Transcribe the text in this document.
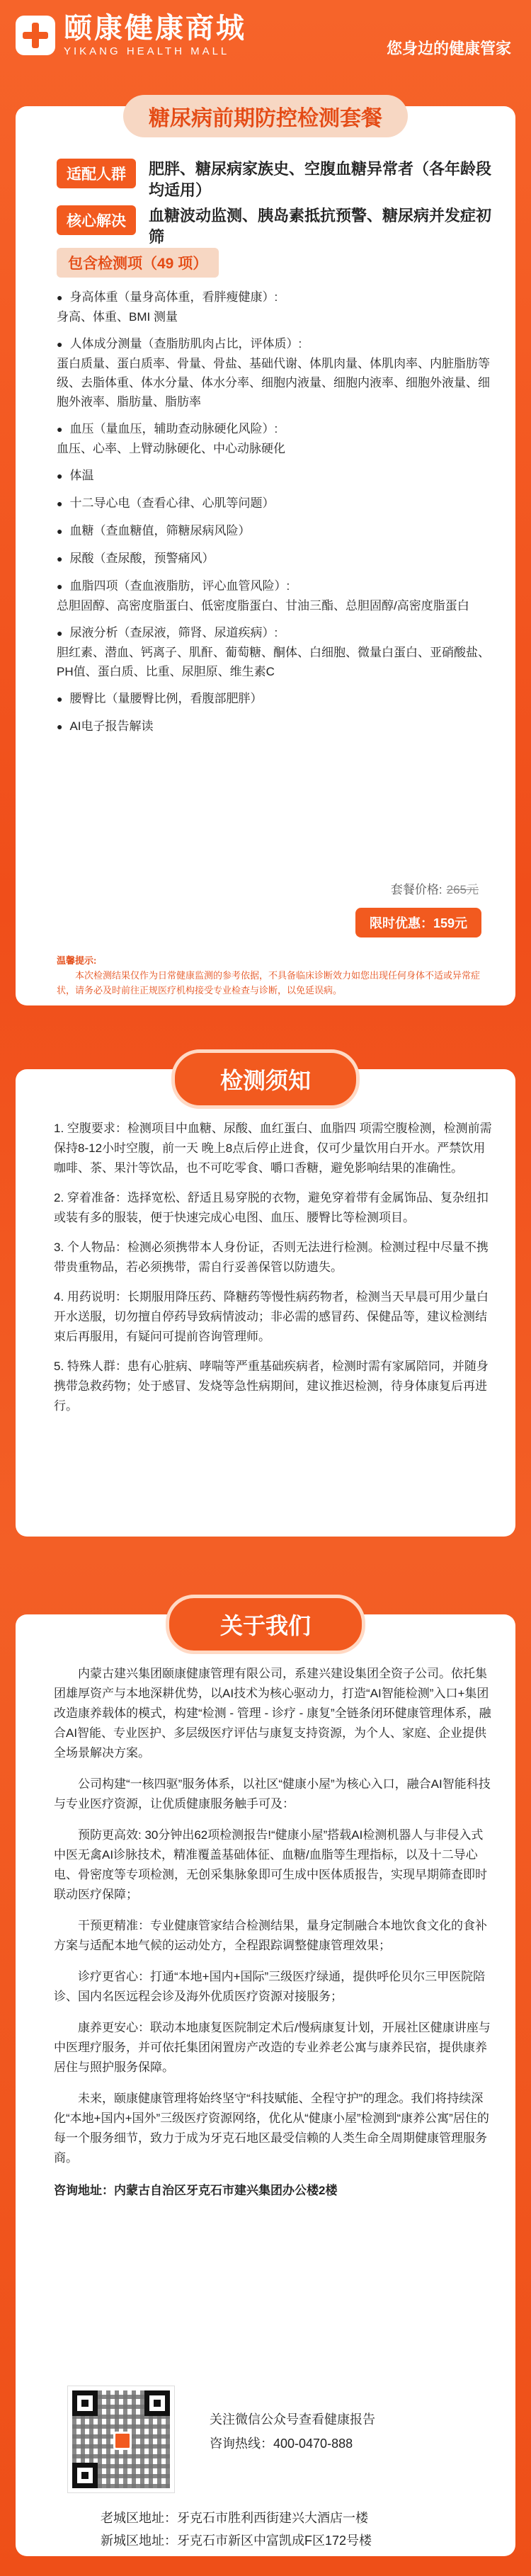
颐康健康商城
YIKANG HEALTH MALL	您身边的健康管家
糖尿病前期防控检测套餐
适配人群	肥胖、糖尿病家族史、空腹血糖异常者（各年龄段均适用）
核心解决	血糖波动监测、胰岛素抵抗预警、糖尿病并发症初筛
包含检测项（49 项）
● 身高体重（量身高体重，看胖瘦健康）:
身高、体重、BMI 测量
● 人体成分测量（查脂肪肌肉占比，评体质）:
蛋白质量、蛋白质率、骨量、骨盐、基础代谢、体肌肉量、体肌肉率、内脏脂肪等级、去脂体重、体水分量、体水分率、细胞内液量、细胞内液率、细胞外液量、细胞外液率、脂肪量、脂肪率
● 血压（量血压，辅助查动脉硬化风险）:
血压、心率、上臂动脉硬化、中心动脉硬化
● 体温
● 十二导心电（查看心律、心肌等问题）
● 血糖（查血糖值，筛糖尿病风险）
● 尿酸（查尿酸，预警痛风）
● 血脂四项（查血液脂肪，评心血管风险）:
总胆固醇、高密度脂蛋白、低密度脂蛋白、甘油三酯、总胆固醇/高密度脂蛋白
● 尿液分析（查尿液，筛肾、尿道疾病）:
胆红素、潜血、钙离子、肌酐、葡萄糖、酮体、白细胞、微量白蛋白、亚硝酸盐、PH值、蛋白质、比重、尿胆原、维生素C
● 腰臀比（量腰臀比例，看腹部肥胖）
● AI电子报告解读
套餐价格: 265元
限时优惠：159元
温馨提示:
本次检测结果仅作为日常健康监测的参考依据，不具备临床诊断效力如您出现任何身体不适或异常症状，请务必及时前往正规医疗机构接受专业检查与诊断，以免延误病。
检测须知
1. 空腹要求：检测项目中血糖、尿酸、血红蛋白、血脂四 项需空腹检测，检测前需保持8-12小时空腹，前一天 晚上8点后停止进食，仅可少量饮用白开水。严禁饮用咖啡、茶、果汁等饮品，也不可吃零食、嚼口香糖，避免影响结果的准确性。
2. 穿着准备：选择宽松、舒适且易穿脱的衣物，避免穿着带有金属饰品、复杂纽扣或装有多的服装，便于快速完成心电图、血压、腰臀比等检测项目。
3. 个人物品：检测必须携带本人身份证，否则无法进行检测。检测过程中尽量不携带贵重物品，若必须携带，需自行妥善保管以防遗失。
4. 用药说明：长期服用降压药、降糖药等慢性病药物者，检测当天早晨可用少量白开水送服，切勿擅自停药导致病情波动；非必需的感冒药、保健品等，建议检测结束后再服用，有疑问可提前咨询管理师。
5. 特殊人群：患有心脏病、哮喘等严重基础疾病者，检测时需有家属陪同，并随身携带急救药物；处于感冒、发烧等急性病期间，建议推迟检测，待身体康复后再进行。
关于我们
内蒙古建兴集团颐康健康管理有限公司，系建兴建设集团全资子公司。依托集团雄厚资产与本地深耕优势，以AI技术为核心驱动力，打造“AI智能检测”入口+集团改造康养载体的模式，构建“检测 - 管理 - 诊疗 - 康复”全链条闭环健康管理体系，融合AI智能、专业医护、多层级医疗评估与康复支持资源，为个人、家庭、企业提供全场景解决方案。
公司构建“一核四驱”服务体系，以社区“健康小屋”为核心入口，融合AI智能科技与专业医疗资源，让优质健康服务触手可及：
预防更高效: 30分钟出62项检测报告!“健康小屋”搭载AI检测机器人与非侵入式中医无禽AI诊脉技术，精准覆盖基础体征、血糖/血脂等生理指标，以及十二导心电、骨密度等专项检测，无创采集脉象即可生成中医体质报告，实现早期筛查即时联动医疗保障；
干预更精准：专业健康管家结合检测结果，量身定制融合本地饮食文化的食补方案与适配本地气候的运动处方，全程跟踪调整健康管理效果；
诊疗更省心：打通“本地+国内+国际”三级医疗绿通，提供呼伦贝尔三甲医院陪诊、国内名医远程会诊及海外优质医疗资源对接服务；
康养更安心：联动本地康复医院制定术后/慢病康复计划，开展社区健康讲座与中医理疗服务，并可依托集团闲置房产改造的专业养老公寓与康养民宿，提供康养居住与照护服务保障。
未来，颐康健康管理将始终坚守“科技赋能、全程守护”的理念。我们将持续深化“本地+国内+国外”三级医疗资源网络，优化从“健康小屋”检测到“康养公寓”居住的每一个服务细节，致力于成为牙克石地区最受信赖的人类生命全周期健康管理服务商。
咨询地址：内蒙古自治区牙克石市建兴集团办公楼2楼
关注微信公众号查看健康报告
咨询热线：400-0470-888
老城区地址：牙克石市胜利西街建兴大酒店一楼
新城区地址：牙克石市新区中富凯成F区172号楼
